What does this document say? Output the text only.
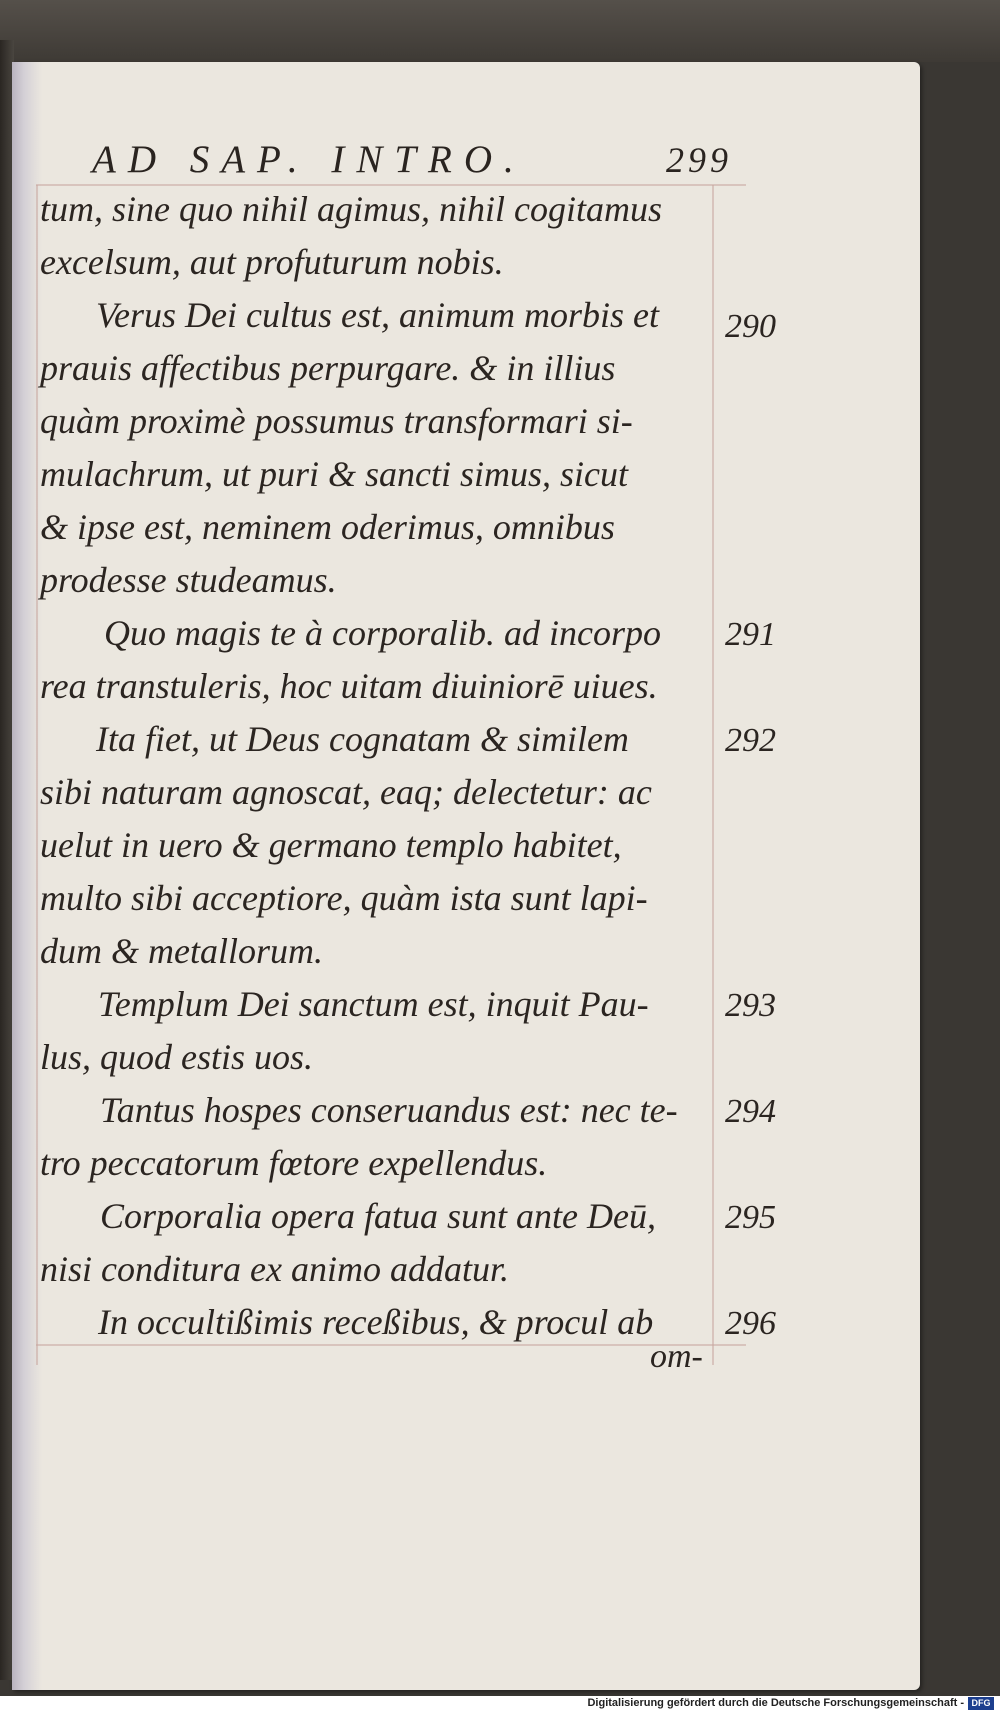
AD SAP. INTRO.	299
tum, sine quo nihil agimus, nihil cogitamus
excelsum, aut profuturum nobis.
Verus Dei cultus est, animum morbis et
prauis affectibus perpurgare. & in illius
quàm proximè possumus transformari si-
mulachrum, ut puri & sancti simus, sicut
& ipse est, neminem oderimus, omnibus
prodesse studeamus.
Quo magis te à corporalib. ad incorpo
rea transtuleris, hoc uitam diuiniorē uiues.
Ita fiet, ut Deus cognatam & similem
sibi naturam agnoscat, eaq; delectetur: ac
uelut in uero & germano templo habitet,
multo sibi acceptiore, quàm ista sunt lapi-
dum & metallorum.
Templum Dei sanctum est, inquit Pau-
lus, quod estis uos.
Tantus hospes conseruandus est: nec te-
tro peccatorum fœtore expellendus.
Corporalia opera fatua sunt ante Deū,
nisi conditura ex animo addatur.
In occultißimis receßibus, & procul ab
290
291
292
293
294
295
296
om-
Digitalisierung gefördert durch die Deutsche Forschungsgemeinschaft - DFG
